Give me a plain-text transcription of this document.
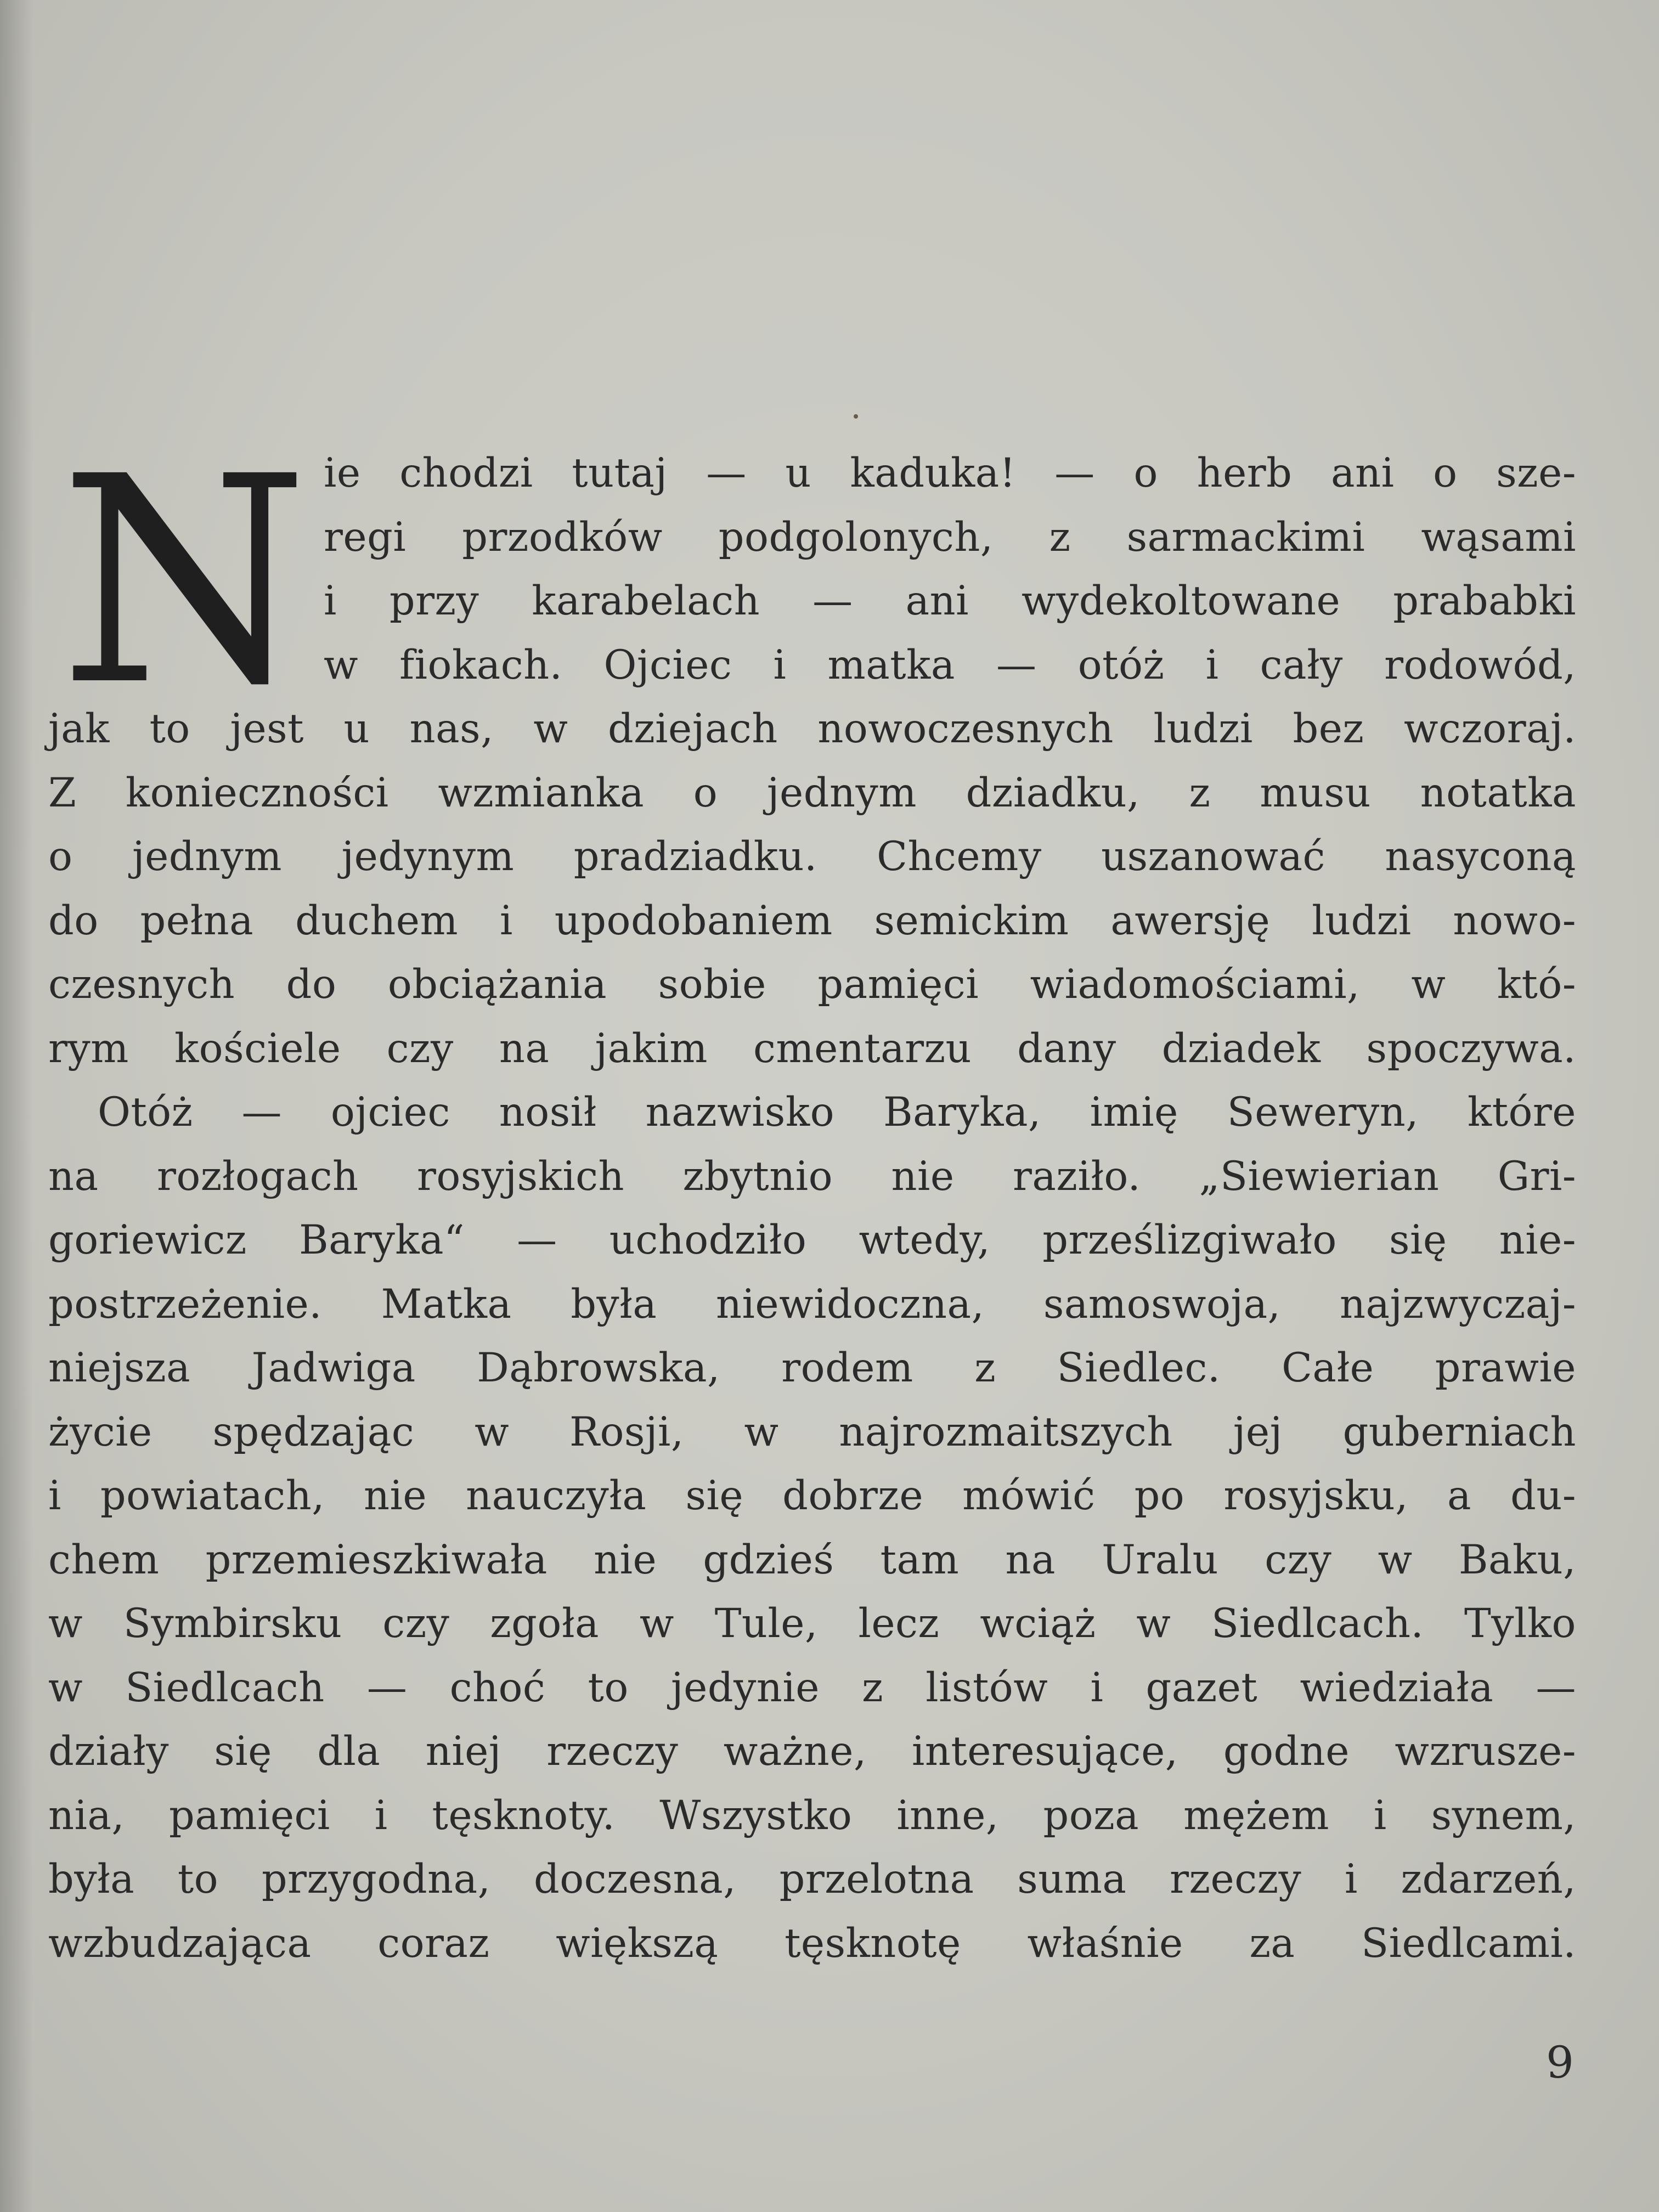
N ie chodzi tutaj — u kaduka! — o herb ani o sze-
regi przodków podgolonych, z sarmackimi wąsami
i przy karabelach — ani wydekoltowane prababki
w fiokach. Ojciec i matka — otóż i cały rodowód,
jak to jest u nas, w dziejach nowoczesnych ludzi bez wczoraj.
Z konieczności wzmianka o jednym dziadku, z musu notatka
o jednym jedynym pradziadku. Chcemy uszanować nasyconą
do pełna duchem i upodobaniem semickim awersję ludzi nowo-
czesnych do obciążania sobie pamięci wiadomościami, w któ-
rym kościele czy na jakim cmentarzu dany dziadek spoczywa.
Otóż — ojciec nosił nazwisko Baryka, imię Seweryn, które
na rozłogach rosyjskich zbytnio nie raziło. „Siewierian Gri-
goriewicz Baryka“ — uchodziło wtedy, prześlizgiwało się nie-
postrzeżenie. Matka była niewidoczna, samoswoja, najzwyczaj-
niejsza Jadwiga Dąbrowska, rodem z Siedlec. Całe prawie
życie spędzając w Rosji, w najrozmaitszych jej guberniach
i powiatach, nie nauczyła się dobrze mówić po rosyjsku, a du-
chem przemieszkiwała nie gdzieś tam na Uralu czy w Baku,
w Symbirsku czy zgoła w Tule, lecz wciąż w Siedlcach. Tylko
w Siedlcach — choć to jedynie z listów i gazet wiedziała —
działy się dla niej rzeczy ważne, interesujące, godne wzrusze-
nia, pamięci i tęsknoty. Wszystko inne, poza mężem i synem,
była to przygodna, doczesna, przelotna suma rzeczy i zdarzeń,
wzbudzająca coraz większą tęsknotę właśnie za Siedlcami.
9
